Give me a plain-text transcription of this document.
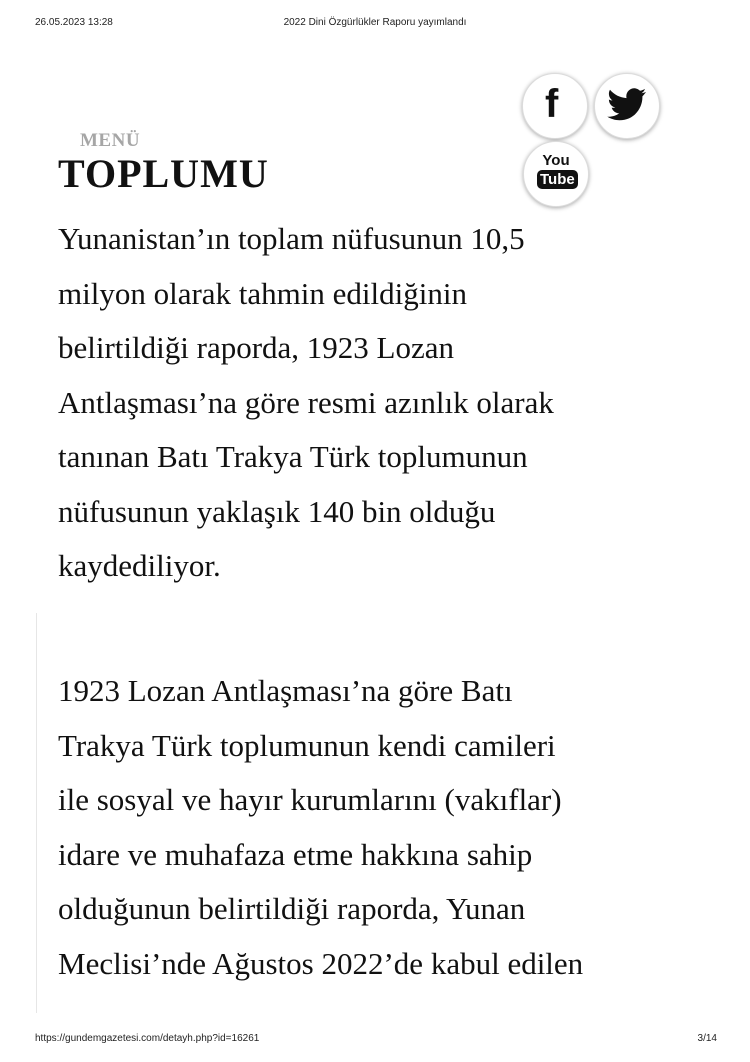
26.05.2023 13:28	2022 Dini Özgürlükler Raporu yayımlandı
MENÜ
TOPLUMU
f
You
Tube
Yunanistan’ın toplam nüfusunun 10,5
milyon olarak tahmin edildiğinin
belirtildiği raporda, 1923 Lozan
Antlaşması’na göre resmi azınlık olarak
tanınan Batı Trakya Türk toplumunun
nüfusunun yaklaşık 140 bin olduğu
kaydediliyor.
1923 Lozan Antlaşması’na göre Batı
Trakya Türk toplumunun kendi camileri
ile sosyal ve hayır kurumlarını (vakıflar)
idare ve muhafaza etme hakkına sahip
olduğunun belirtildiği raporda, Yunan
Meclisi’nde Ağustos 2022’de kabul edilen
https://gundemgazetesi.com/detayh.php?id=16261	3/14
